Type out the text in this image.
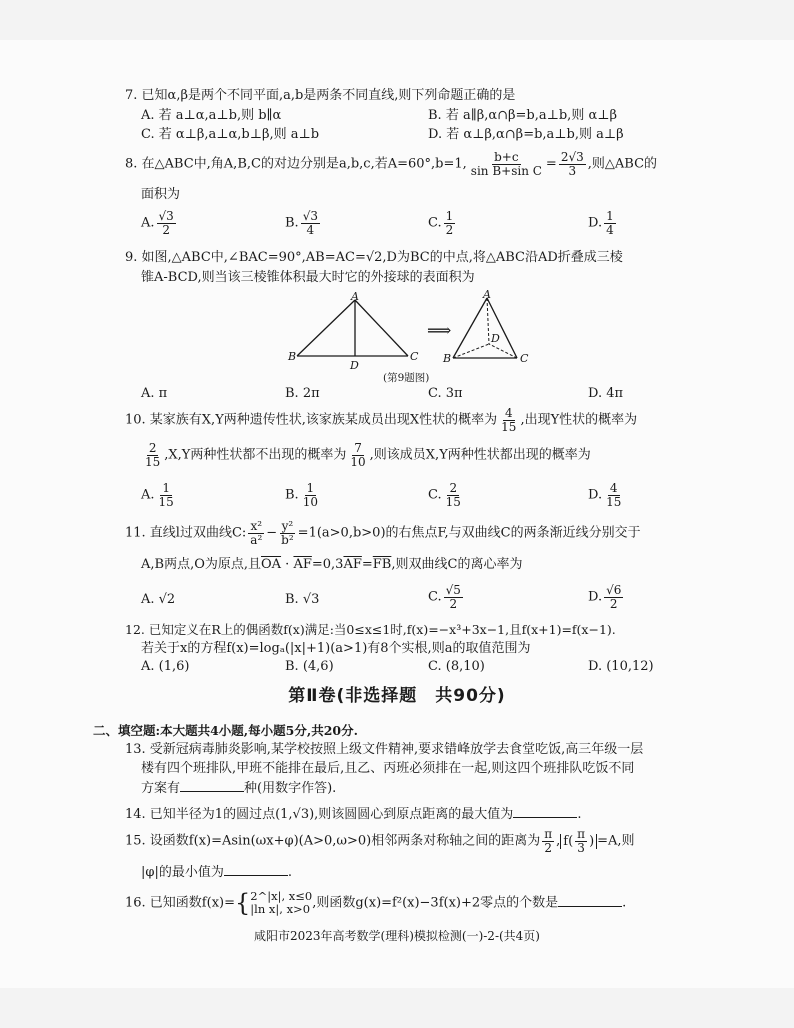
7. 已知α,β是两个不同平面,a,b是两条不同直线,则下列命题正确的是
A. 若 a⊥α,a⊥b,则 b∥α	B. 若 a∥β,α∩β=b,a⊥b,则 α⊥β
C. 若 α⊥β,a⊥α,b⊥β,则 a⊥b	D. 若 α⊥β,α∩β=b,a⊥b,则 a⊥β
8. 在△ABC中,角A,B,C的对边分别是a,b,c,若A=60°,b=1, $\frac{b+c}{\text{sin B+sin C}} = \frac{2√3}{3}$ ,则△ABC的
面积为
A. $\frac{√3}{2}$	B. $\frac{√3}{4}$	C. $\frac{1}{2}$	D. $\frac{1}{4}$
9. 如图,△ABC中,∠BAC=90°,AB=AC=√2,D为BC的中点,将△ABC沿AD折叠成三棱
锥A-BCD,则当该三棱锥体积最大时它的外接球的表面积为
A
B	C
D
⟹
A
B	C
D
(第9题图)
A. π	B. 2π	C. 3π	D. 4π
10. 某家族有X,Y两种遗传性状,该家族某成员出现X性状的概率为 $\frac{4}{15}$ ,出现Y性状的概率为
$\frac{2}{15} ,X,Y$两种性状都不出现的概率为 $\frac{7}{10}$ ,则该成员X,Y两种性状都出现的概率为
A. $\frac{1}{15}$	B. $\frac{1}{10}$	C. $\frac{2}{15}$	D. $\frac{4}{15}$
11. 直线l过双曲线C: $\frac{\text{x²}}{\text{a²}} - \frac{\text{y²}}{\text{b²}} =1(a>0,b>0)$的右焦点F,与双曲线C的两条渐近线分别交于
A,B两点,O为原点,且$\overline{OA} \cdot \overline{AF}=0,3\overline{AF}=\overline{FB}$,则双曲线C的离心率为
A. √2	B. √3	C. $\frac{√5}{2}$	D. $\frac{√6}{2}$
12. 已知定义在R上的偶函数f(x)满足:当0≤x≤1时,f(x)=−x³+3x−1,且f(x+1)=f(x−1).
若关于x的方程f(x)=logₐ(|x|+1)(a>1)有8个实根,则a的取值范围为
A. (1,6)	B. (4,6)	C. (8,10)	D. (10,12)
第Ⅱ卷(非选择题　共90分)
二、填空题:本大题共4小题,每小题5分,共20分.
13. 受新冠病毒肺炎影响,某学校按照上级文件精神,要求错峰放学去食堂吃饭,高三年级一层
楼有四个班排队,甲班不能排在最后,且乙、丙班必须排在一起,则这四个班排队吃饭不同
方案有	种(用数字作答).
14. 已知半径为1的圆过点(1,√3),则该圆圆心到原点距离的最大值为	.
15. 设函数f(x)=Asin(ωx+φ)(A>0,ω>0)相邻两条对称轴之间的距离为 $\frac{\pi}{2}$ , $f( \frac{\pi}{3}$ ) =A,则
|φ|的最小值为	.
16. 已知函数f(x)={ 2^|x|, x≤0
|ln x|, x>0 ,则函数g(x)=f²(x)−3f(x)+2零点的个数是	.
咸阳市2023年高考数学(理科)模拟检测(一)-2-(共4页)
